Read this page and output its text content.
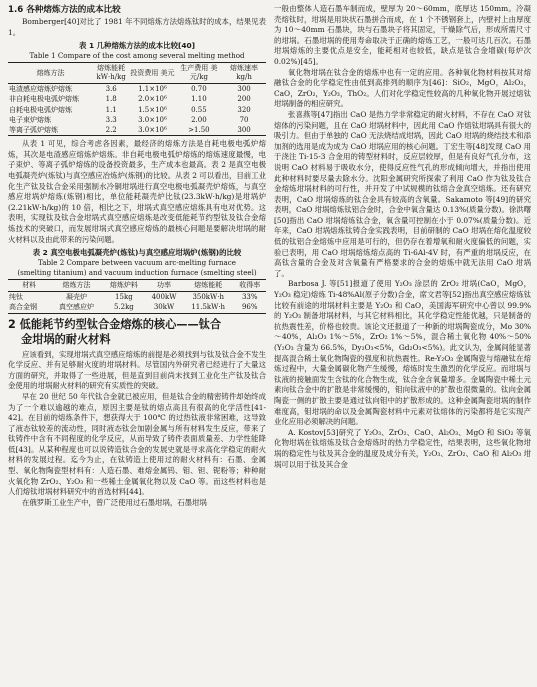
1.6 各种熔炼方法的成本比较

Bomberger[40]对比了 1981 年不同熔炼方法熔炼钛时的成本，结果见表 1。

表 1 几种熔炼方法的成本比较[40]
Table 1 Compare of the cost among several melting method
熔炼方法	熔炼能耗 kW·h/kg	投资费用 美元	生产费用 美元/kg	熔炼速率 kg/h
电渣感应熔炼炉熔炼	3.6	1.1×10⁶	0.70	300
非自耗电极电弧炉熔炼	1.8	2.0×10⁶	1.10	200
自耗电极电弧炉熔炼	1.1	1.5×10⁶	0.55	320
电子束炉熔炼	3.3	3.0×10⁶	2.00	70
等离子弧炉熔炼	2.2	3.0×10⁶	>1.50	300

从表 1 可见，综合考虑各因素，最经济的熔炼方法是自耗电极电弧炉熔炼，其次是电渣感应熔炼炉熔炼。非自耗电极电弧炉熔炼的熔炼速度最慢，电子束炉、等离子弧炉熔炼的设备投资最多，生产成本也最高。表 2 是真空电极电弧凝壳炉(炼钛)与真空感应冶炼炉(炼钢)的比较。从表 2 可以看出，目前工业化生产钛及钛合金采用强制水冷铜坩埚进行真空电极电弧凝壳炉熔炼，与真空感应坩埚炉熔炼(炼钢)相比，单位能耗凝壳炉比钛(23.3kW·h/kg)是坩埚炉(2.21kW·h/kg)的 10 倍，相比之下，坩埚式真空感应熔炼具有电对优势。这表明，实现钛及钛合金坩埚式真空感应熔炼是改变低能耗节约型钛及钛合金熔炼技术的突破口，而发展坩埚式真空感应熔炼的最核心问题是要解决坩埚的耐火材料以及由此带来的污染问题。

表 2 真空电极电弧凝壳炉(炼钛)与真空感应坩埚炉(炼钢)的比较
Table 2 Compare between vacuum arc-melting furnace
(smelting titanium) and vacuum induction furnace (smelting steel)
材料	熔炼方法	熔炼炉料	功率	熔炼能耗	收得率
纯钛	凝壳炉	15kg	400kW	350kW·h	33%
高合金钢	真空感应炉	5.2kg	30kW	11.5kW·h	96%
2 低能耗节约型钛合金熔炼的核心——钛合
金坩埚的耐火材料

应该看到，实现坩埚式真空感应熔炼的前提是必须找到与钛及钛合金不发生化学反应、并有足够耐火度的坩埚材料。尽管国内外研究者已经进行了大量这方面的研究，并取得了一些进展，但是直到目前尚未找到工业化生产钛及钛合金使用的坩埚耐火材料的研究有实质性的突破。

早在 20 世纪 50 年代钛合金就已被应用，但是钛合金的精密铸件却始终成为了一个难以逾越的难点，原因主要是钛的熔点高且有很高的化学活性[41-42]。在目前的熔炼条件下，想获得大于 100℃ 的过热钛液非常困难，这导致了液态钛较差的流动性，同时液态钛会加剧金属与所有材料发生反应，带来了钛铸件中含有不同程度的化学反应，从而导致了铸件表面质量差、力学性能降低[43]。从某种程度也可以说铸造钛合金的发展史就是寻求高化学稳定的耐火材料的发展过程。迄今为止，在钛铸造上使用过的耐火材料有：石墨、金属型、氧化物陶瓷型材料有：人造石墨、难熔金属钨、钼、钽、铌粉等；种种耐火氧化物 ZrO₂、Y₂O₃ 和一些稀土金属氧化物以及 CaO 等。而这些材料也是人们熔钛坩埚材料研究中的首选材料[44]。

在俄罗斯工业生产中，曾广泛使用过石墨坩埚，石墨坩埚

一般由整体人造石墨车制而成，壁厚为 20～60mm，底厚达 150mm。冷凝壳熔钛时，坩埚是用块状石墨拼合而成，在 1 个不锈钢套上，内壁衬上由厚度为 10～40mm 石墨块，块与石墨块子将其固定，干燥除气后，形成所需尺寸的坩埚。石墨坩埚的使用寿命取决于正确的熔炼工艺，一般可达几百次。石墨坩埚熔炼的主要优点是安全，能耗相对也较低，缺点是钛合金增碳(每炉次 0.02%)[45]。

氧化物坩埚在钛合金的熔炼中也有一定的应用。各种氧化物材料按其对熔融钛合金的化学稳定性由低到高排列的顺序为[46]：SiO₂，MgO，Al₂O₃，CaO，ZrO₂，Y₂O₃，ThO₂。人们对化学稳定性较高的几种氧化物开展过熔钛坩埚制备的相应研究。

张喜燕等[47]指出 CaO 是热力学非常稳定的耐火材料，不存在 CaO 对钛熔体的污染问题，且在 CaO 坩埚材料中，因此用 CaO 作熔钛坩埚具有很大的吸引力。但由于单独的 CaO 无法烧结成坩埚，因此 CaO 坩埚的烧结技术和添加剂的选用是成为成为 CaO 坩埚应用的核心问题。丁宏生等[48]发现 CaO 用于浇注 Ti-15-3 合金用的铸型材料时，反应层较厚，但是有良好气孔分布，这说明 CaO 材料易于吸收水分，使得反应性气孔的形成倾向增大，并指出使用此种材料时要尽量去除水分。沈阳金属研究所探索了利用 CaO 作为钛及钛合金熔炼坩埚材料的可行性，并开发了中试规模的钛熔合金真空熔炼。还有研究表明，CaO 坩埚熔炼的钛合金具有较高的含氧量。Sakamoto 等[49]的研究表明，CaO 坩埚熔炼钛铝合金时，合金中氧含量达 0.13%(质量分数)。徐洪曙[50]指出 CaO 坩埚熔炼钛合金，氧含量可控制在小于 0.07%(质量分数)。近年来，CaO 坩埚熔炼钛铸合金实践表明，目前研制的 CaO 坩埚在熔化温度较低的钛铝合金熔炼中应用是可行的，但仍存在着增氧和耐火度偏低的问题，实验已表明，用 CaO 坩埚熔炼熔点高的 Ti-6Al-4V 时，有严重的坩埚反应，在高钛含量的合金及对含氧量有严格要求的合金的熔炼中就无法用 CaO 坩埚了。

Barbosa J. 等[51]报道了使用 Y₂O₃ 涂层的 ZrO₂ 坩埚(CaO，MgO，Y₂O₃ 稳定)熔炼 Ti-48%Al(原子分数)合金，席文君等[52]指出真空感应熔炼钛比较有前途的坩埚材料主要是 Y₂O₃ 和 CaO，美国海军研究中心曾以 99.9%的 Y₂O₃ 制备坩埚材料，与其它材料相比，其化学稳定性能优越，只是制备的抗热震性差，价格也较贵。该论文还报道了一种新的坩埚陶瓷成分，Mo 30%～40%，Al₂O₃ 1%～5%，ZrO₂ 1%～5%，混合稀土氧化物 40%～50%(Y₂O₃ 含量为 66.5%，Dy₂O₃<5%，Gd₂O₃<5%)。此文认为，金属间能显著提高混合稀土氧化物陶瓷的强度和抗热震性。Re-Y₂O₃ 金属陶瓷与熔融钛在熔炼过程中，大量金属碳化物产生缓慢，熔炼时发生激烈的化学反应。而坩埚与钛液的接触面发生含钛的化合物生成，钛合金含氧量增多。金属陶瓷中稀土元素向钛合金中的扩散是非常缓慢的，钼向钛液中的扩散也很微量的。钛向金属陶瓷一侧的扩散主要是通过钛向钼中的扩散形成的。这种金属陶瓷坩埚的制作难度高，钼坩埚的命以及金属陶瓷材料中元素对钛熔体的污染都将是它实现产业化应用必须解决的问题。

A. Kostov[53]研究了 Y₂O₃、ZrO₂、CaO、Al₂O₃、MgO 和 SiO₂ 等氧化物坩埚在钛熔炼及钛合金熔炼时的热力学稳定性，结果表明，这些氧化物坩埚的稳定性与钛及其合金的温度及成分有关，Y₂O₃、ZrO₂、CaO 和 Al₂O₃ 坩埚可以用于钛及其合金
